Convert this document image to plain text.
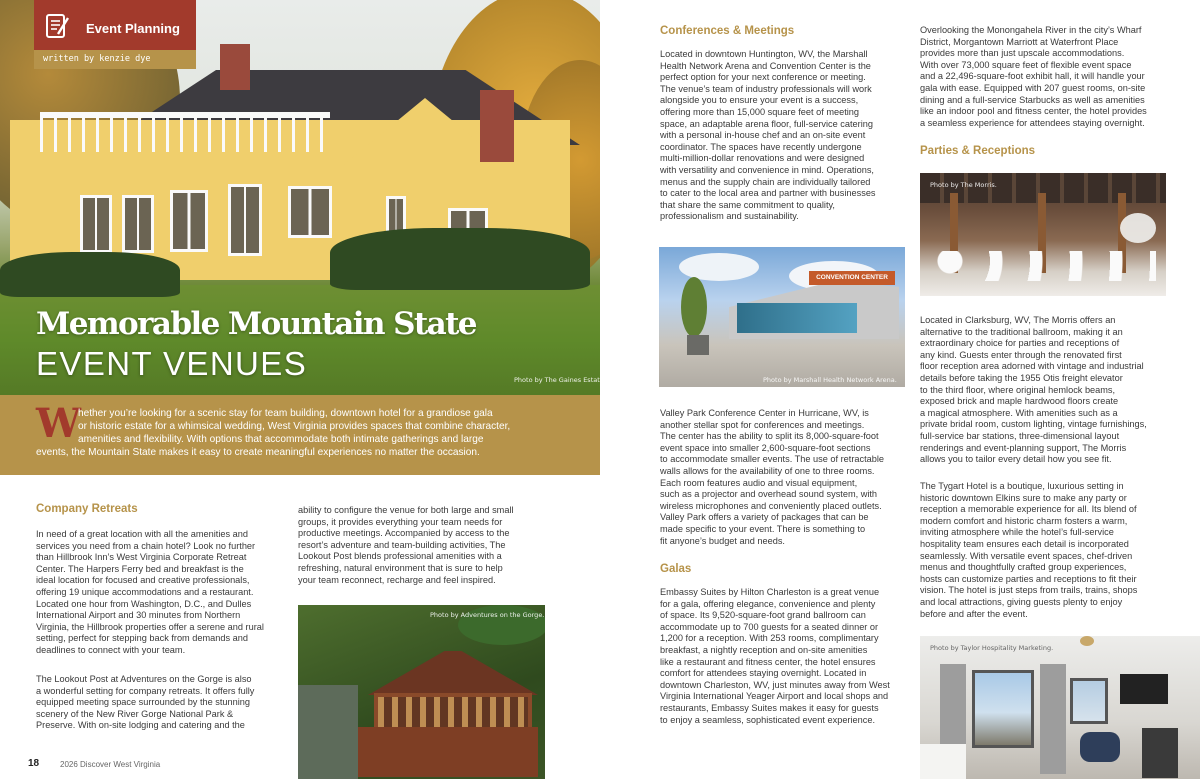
Event Planning
written by kenzie dye
Memorable Mountain State
EVENT VENUES	Photo by The Gaines Estate
W
hether you’re looking for a scenic stay for team building, downtown hotel for a grandiose gala
or historic estate for a whimsical wedding, West Virginia provides spaces that combine character,
amenities and flexibility. With options that accommodate both intimate gatherings and large
events, the Mountain State makes it easy to create meaningful experiences no matter the occasion.
Company Retreats
In need of a great location with all the amenities and
services you need from a chain hotel? Look no further
than Hillbrook Inn’s West Virginia Corporate Retreat
Center. The Harpers Ferry bed and breakfast is the
ideal location for focused and creative professionals,
offering 19 unique accommodations and a restaurant.
Located one hour from Washington, D.C., and Dulles
International Airport and 30 minutes from Northern
Virginia, the Hillbrook properties offer a serene and rural
setting, perfect for stepping back from demands and
deadlines to connect with your team.
The Lookout Post at Adventures on the Gorge is also
a wonderful setting for company retreats. It offers fully
equipped meeting space surrounded by the stunning
scenery of the New River Gorge National Park &
Preserve. With on-site lodging and catering and the
ability to configure the venue for both large and small
groups, it provides everything your team needs for
productive meetings. Accompanied by access to the
resort’s adventure and team-building activities, The
Lookout Post blends professional amenities with a
refreshing, natural environment that is sure to help
your team reconnect, recharge and feel inspired.
Photo by Adventures on the Gorge.
18	2026 Discover West Virginia
Conferences & Meetings
Located in downtown Huntington, WV, the Marshall
Health Network Arena and Convention Center is the
perfect option for your next conference or meeting.
The venue’s team of industry professionals will work
alongside you to ensure your event is a success,
offering more than 15,000 square feet of meeting
space, an adaptable arena floor, full-service catering
with a personal in-house chef and an on-site event
coordinator. The spaces have recently undergone
multi-million-dollar renovations and were designed
with versatility and convenience in mind. Operations,
menus and the supply chain are individually tailored
to cater to the local area and partner with businesses
that share the same commitment to quality,
professionalism and sustainability.
CONVENTION CENTER
Photo by Marshall Health Network Arena.
Valley Park Conference Center in Hurricane, WV, is
another stellar spot for conferences and meetings.
The center has the ability to split its 8,000-square-foot
event space into smaller 2,600-square-foot sections
to accommodate smaller events. The use of retractable
walls allows for the availability of one to three rooms.
Each room features audio and visual equipment,
such as a projector and overhead sound system, with
wireless microphones and conveniently placed outlets.
Valley Park offers a variety of packages that can be
made specific to your event. There is something to
fit anyone’s budget and needs.
Galas
Embassy Suites by Hilton Charleston is a great venue
for a gala, offering elegance, convenience and plenty
of space. Its 9,520-square-foot grand ballroom can
accommodate up to 700 guests for a seated dinner or
1,200 for a reception. With 253 rooms, complimentary
breakfast, a nightly reception and on-site amenities
like a restaurant and fitness center, the hotel ensures
comfort for attendees staying overnight. Located in
downtown Charleston, WV, just minutes away from West
Virginia International Yeager Airport and local shops and
restaurants, Embassy Suites makes it easy for guests
to enjoy a seamless, sophisticated event experience.
Overlooking the Monongahela River in the city’s Wharf
District, Morgantown Marriott at Waterfront Place
provides more than just upscale accommodations.
With over 73,000 square feet of flexible event space
and a 22,496-square-foot exhibit hall, it will handle your
gala with ease. Equipped with 207 guest rooms, on-site
dining and a full-service Starbucks as well as amenities
like an indoor pool and fitness center, the hotel provides
a seamless experience for attendees staying overnight.
Parties & Receptions
Photo by The Morris.
Located in Clarksburg, WV, The Morris offers an
alternative to the traditional ballroom, making it an
extraordinary choice for parties and receptions of
any kind. Guests enter through the renovated first
floor reception area adorned with vintage and industrial
details before taking the 1955 Otis freight elevator
to the third floor, where original hemlock beams,
exposed brick and maple hardwood floors create
a magical atmosphere. With amenities such as a
private bridal room, custom lighting, vintage furnishings,
full-service bar stations, three-dimensional layout
renderings and event-planning support, The Morris
allows you to tailor every detail how you see fit.
The Tygart Hotel is a boutique, luxurious setting in
historic downtown Elkins sure to make any party or
reception a memorable experience for all. Its blend of
modern comfort and historic charm fosters a warm,
inviting atmosphere while the hotel’s full-service
hospitality team ensures each detail is incorporated
seamlessly. With versatile event spaces, chef-driven
menus and thoughtfully crafted group experiences,
hosts can customize parties and receptions to fit their
vision. The hotel is just steps from trails, trains, shops
and local attractions, giving guests plenty to enjoy
before and after the event.
Photo by Taylor Hospitality Marketing.
